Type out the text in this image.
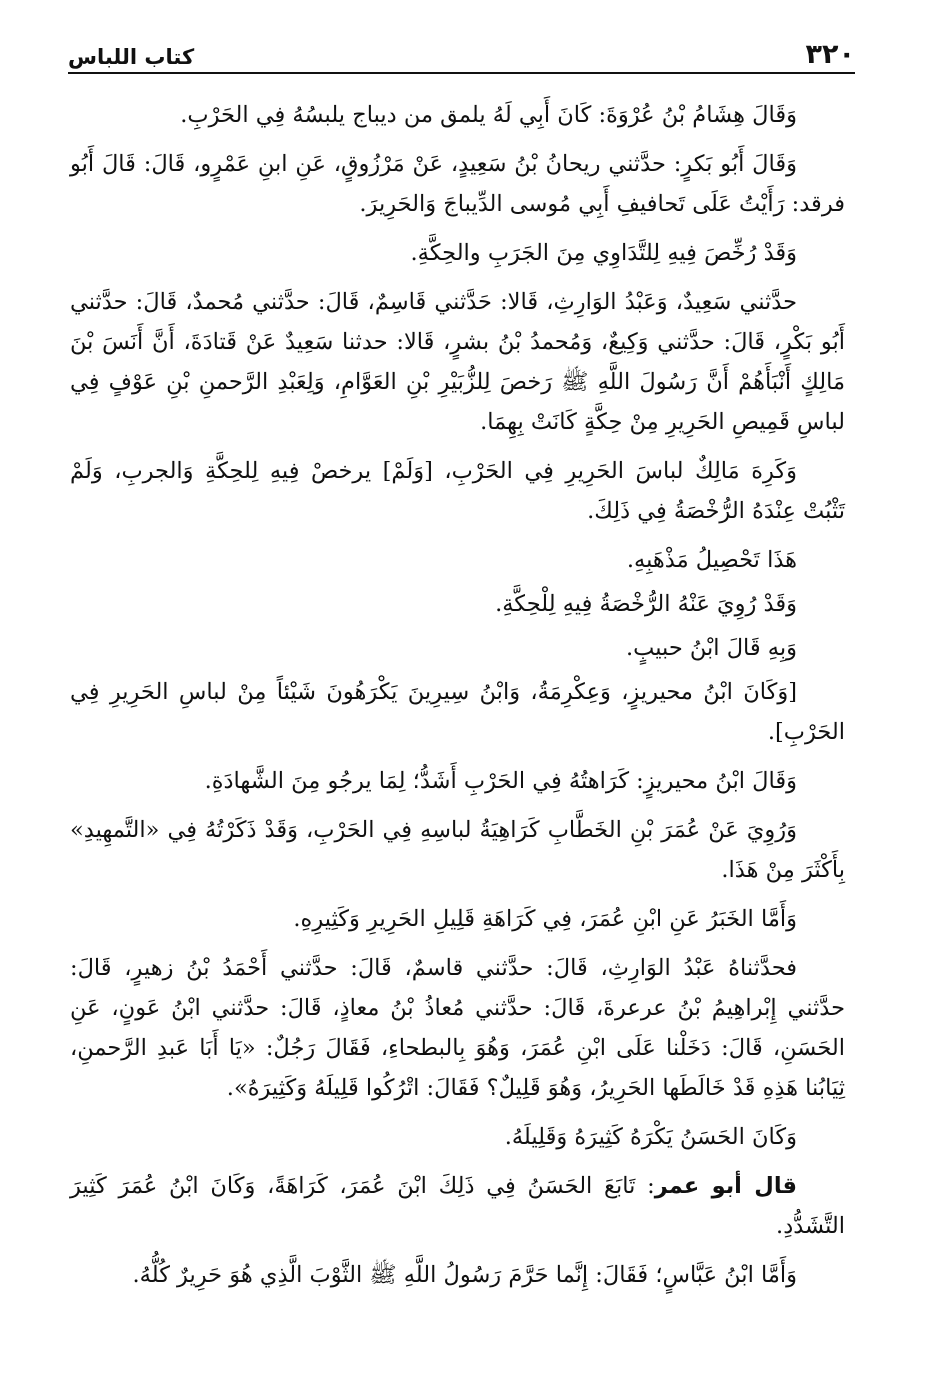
٣٢٠
كتاب اللباس

وَقَالَ هِشَامُ بْنُ عُرْوَةَ: كَانَ أَبِي لَهُ يلمق من ديباج يلبسُهُ فِي الحَرْبِ.

وَقَالَ أَبُو بَكرٍ: حدَّثني ريحانُ بْنُ سَعِيدٍ، عَنْ مَرْزُوقٍ، عَنِ ابنِ عَمْرٍو، قَالَ: قَالَ أَبُو فرقد: رَأَيْتُ عَلَى تَحافيفِ أَبِي مُوسى الدِّيباجَ وَالحَرِيرَ.

وَقَدْ رُخِّصَ فِيهِ لِلتَّدَاوِي مِنَ الجَرَبِ والحِكَّةِ.

حدَّثني سَعِيدٌ، وَعَبْدُ الوَارِثِ، قَالا: حَدَّثني قَاسِمٌ، قَالَ: حدَّثني مُحمدٌ، قَالَ: حدَّثني أَبُو بَكْرٍ، قَالَ: حدَّثني وَكِيعٌ، وَمُحمدُ بْنُ بشرٍ، قَالا: حدثنا سَعِيدٌ عَنْ قَتادَةَ، أَنَّ أَنَسَ بْنَ مَالِكٍ أَنْبَأَهُمْ أَنَّ رَسُولَ اللَّهِ ﷺ رَخصَ لِلزُّبَيْرِ بْنِ العَوَّامِ، وَلِعَبْدِ الرَّحمنِ بْنِ عَوْفٍ فِي لباسِ قَمِيصِ الحَرِيرِ مِنْ حِكَّةٍ كَانَتْ بِهِمَا.

وَكَرِهَ مَالِكٌ لباسَ الحَرِيرِ فِي الحَرْبِ، [وَلَمْ] يرخصْ فِيهِ لِلحِكَّةِ وَالجربِ، وَلَمْ تَثْبُتْ عِنْدَهُ الرُّخْصَةُ فِي ذَلِكَ.

هَذَا تَحْصِيلُ مَذْهَبِهِ.

وَقَدْ رُوِيَ عَنْهُ الرُّخْصَةُ فِيهِ لِلْحِكَّةِ.

وَبِهِ قَالَ ابْنُ حبيبٍ.

[وَكَانَ ابْنُ محيريزٍ، وَعِكْرِمَةُ، وَابْنُ سِيرِينَ يَكْرَهُونَ شَيْئاً مِنْ لباسِ الحَرِيرِ فِي الحَرْبِ].

وَقَالَ ابْنُ محيريزٍ: كَرَاهتُهُ فِي الحَرْبِ أَشَدُّ؛ لِمَا يرجُو مِنَ الشَّهادَةِ.

وَرُوِيَ عَنْ عُمَرَ بْنِ الخَطَّابِ كَرَاهِيَةُ لباسِهِ فِي الحَرْبِ، وَقَدْ ذَكَرْتُهُ فِي «التَّمهِيدِ» بِأَكْثَرَ مِنْ هَذَا.

وَأَمَّا الخَبَرُ عَنِ ابْنِ عُمَرَ، فِي كَرَاهَةِ قَلِيلِ الحَرِيرِ وَكَثِيرِهِ.

فحدَّثناهُ عَبْدُ الوَارِثِ، قَالَ: حدَّثني قاسمٌ، قَالَ: حدَّثني أَحْمَدُ بْنُ زهيرٍ، قَالَ: حدَّثني إِبْراهِيمُ بْنُ عرعرةَ، قَالَ: حدَّثني مُعاذُ بْنُ معاذٍ، قَالَ: حدَّثني ابْنُ عَونٍ، عَنِ الحَسَنِ، قَالَ: دَخَلْنا عَلَى ابْنِ عُمَرَ، وَهُوَ بِالبطحاءِ، فَقَالَ رَجُلٌ: «يَا أَبَا عَبدِ الرَّحمنِ، ثِيَابُنا هَذِهِ قَدْ خَالَطَها الحَرِيرُ، وَهُوَ قَلِيلٌ؟ فَقَالَ: اتْرُكُوا قَلِيلَهُ وَكَثِيرَهُ».

وَكَانَ الحَسَنُ يَكْرَهُ كَثِيرَهُ وَقَلِيلَهُ.

قال أبو عمر: تَابَعَ الحَسَنُ فِي ذَلِكَ ابْنَ عُمَرَ، كَرَاهَةً، وَكَانَ ابْنُ عُمَرَ كَثِيرَ التَّشَدُّدِ.

وَأَمَّا ابْنُ عَبَّاسٍ؛ فَقَالَ: إِنَّما حَرَّمَ رَسُولُ اللَّهِ ﷺ الثَّوْبَ الَّذِي هُوَ حَرِيرٌ كُلُّهُ.
